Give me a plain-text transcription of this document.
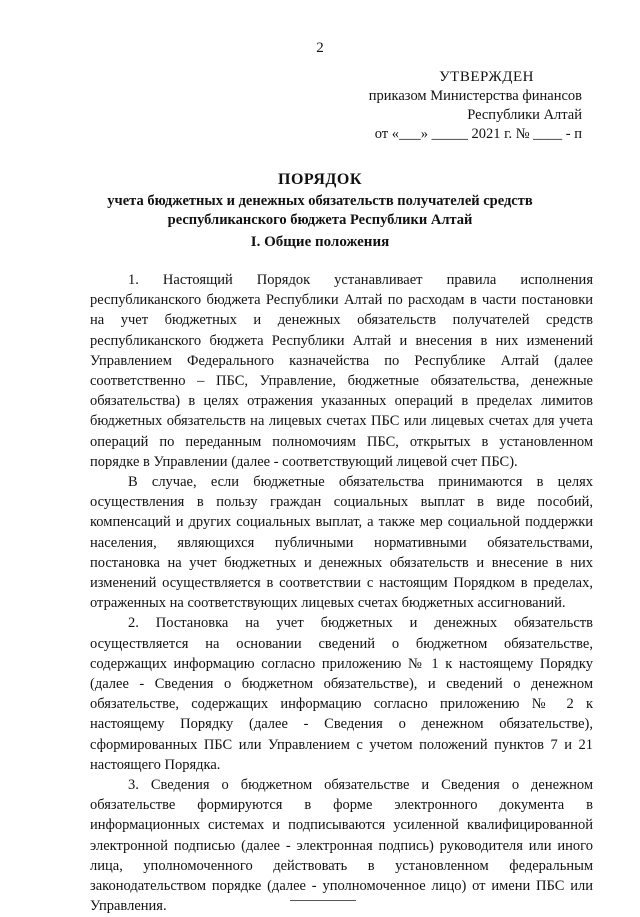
2
УТВЕРЖДЕН
приказом Министерства финансов
Республики Алтай
от «___» _____ 2021 г. № ____ - п
ПОРЯДОК
учета бюджетных и денежных обязательств получателей средств
республиканского бюджета Республики Алтай
I. Общие положения

1. Настоящий Порядок устанавливает правила исполнения республиканского бюджета Республики Алтай по расходам в части постановки на учет бюджетных и денежных обязательств получателей средств республиканского бюджета Республики Алтай и внесения в них изменений Управлением Федерального казначейства по Республике Алтай (далее соответственно – ПБС, Управление, бюджетные обязательства, денежные обязательства) в целях отражения указанных операций в пределах лимитов бюджетных обязательств на лицевых счетах ПБС или лицевых счетах для учета операций по переданным полномочиям ПБС, открытых в установленном порядке в Управлении (далее - соответствующий лицевой счет ПБС).

В случае, если бюджетные обязательства принимаются в целях осуществления в пользу граждан социальных выплат в виде пособий, компенсаций и других социальных выплат, а также мер социальной поддержки населения, являющихся публичными нормативными обязательствами, постановка на учет бюджетных и денежных обязательств и внесение в них изменений осуществляется в соответствии с настоящим Порядком в пределах, отраженных на соответствующих лицевых счетах бюджетных ассигнований.

2. Постановка на учет бюджетных и денежных обязательств осуществляется на основании сведений о бюджетном обязательстве, содержащих информацию согласно приложению № 1 к настоящему Порядку (далее - Сведения о бюджетном обязательстве), и сведений о денежном обязательстве, содержащих информацию согласно приложению № 2 к настоящему Порядку (далее - Сведения о денежном обязательстве), сформированных ПБС или Управлением с учетом положений пунктов 7 и 21 настоящего Порядка.

3. Сведения о бюджетном обязательстве и Сведения о денежном обязательстве формируются в форме электронного документа в информационных системах и подписываются усиленной квалифицированной электронной подписью (далее - электронная подпись) руководителя или иного лица, уполномоченного действовать в установленном федеральным законодательством порядке (далее - уполномоченное лицо) от имени ПБС или Управления.
